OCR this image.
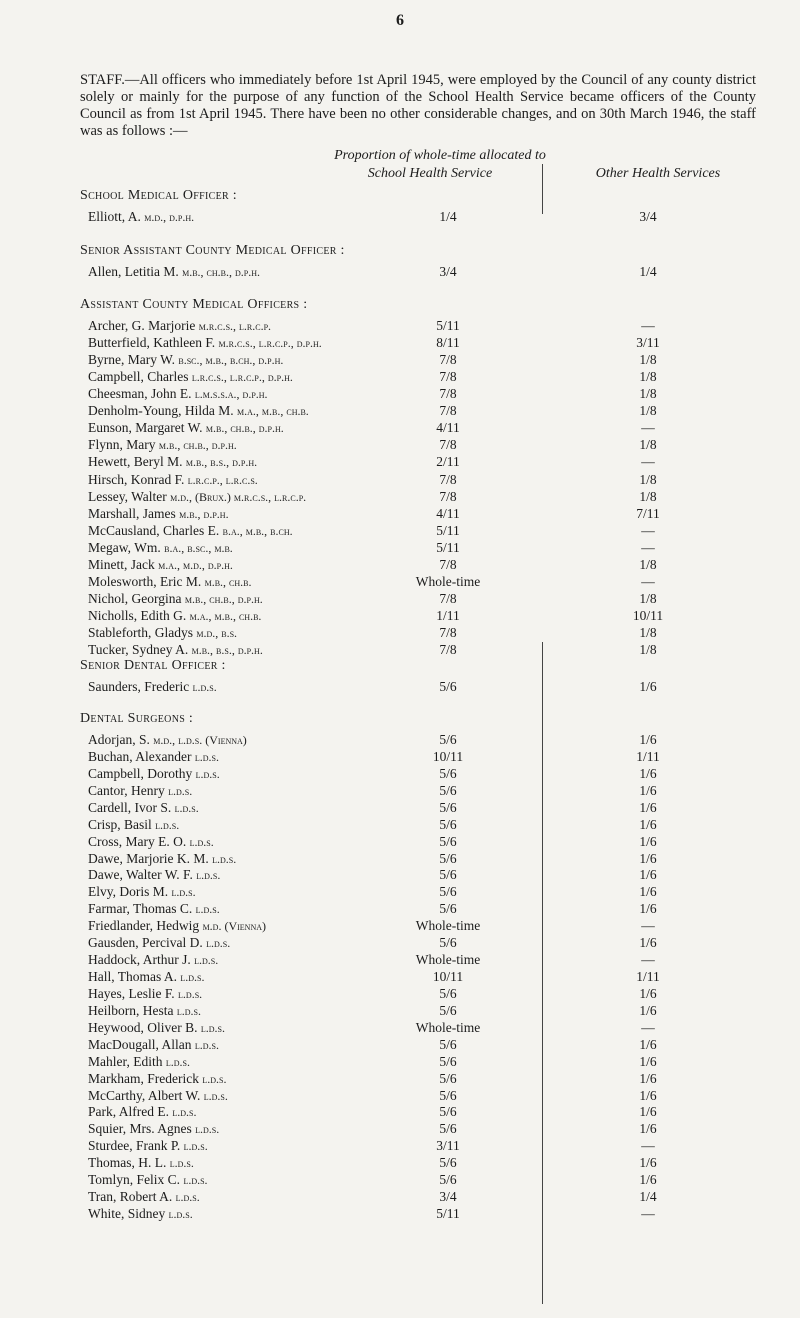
6
STAFF.—All officers who immediately before 1st April 1945, were employed by the Council of any county district solely or mainly for the purpose of any function of the School Health Service became officers of the County Council as from 1st April 1945. There have been no other considerable changes, and on 30th March 1946, the staff was as follows :—
Proportion of whole-time allocated to
School Health Service	Other Health Services
School Medical Officer :
Elliott, A. m.d., d.p.h.	1/4	3/4
Senior Assistant County Medical Officer :
Allen, Letitia M. m.b., ch.b., d.p.h.	3/4	1/4
Assistant County Medical Officers :
Archer, G. Marjorie m.r.c.s., l.r.c.p.	5/11	—
Butterfield, Kathleen F. m.r.c.s., l.r.c.p., d.p.h.	8/11	3/11
Byrne, Mary W. b.sc., m.b., b.ch., d.p.h.	7/8	1/8
Campbell, Charles l.r.c.s., l.r.c.p., d.p.h.	7/8	1/8
Cheesman, John E. l.m.s.s.a., d.p.h.	7/8	1/8
Denholm-Young, Hilda M. m.a., m.b., ch.b.	7/8	1/8
Eunson, Margaret W. m.b., ch.b., d.p.h.	4/11	—
Flynn, Mary m.b., ch.b., d.p.h.	7/8	1/8
Hewett, Beryl M. m.b., b.s., d.p.h.	2/11	—
Hirsch, Konrad F. l.r.c.p., l.r.c.s.	7/8	1/8
Lessey, Walter m.d., (Brux.) m.r.c.s., l.r.c.p.	7/8	1/8
Marshall, James m.b., d.p.h.	4/11	7/11
McCausland, Charles E. b.a., m.b., b.ch.	5/11	—
Megaw, Wm. b.a., b.sc., m.b.	5/11	—
Minett, Jack m.a., m.d., d.p.h.	7/8	1/8
Molesworth, Eric M. m.b., ch.b.	Whole-time	—
Nichol, Georgina m.b., ch.b., d.p.h.	7/8	1/8
Nicholls, Edith G. m.a., m.b., ch.b.	1/11	10/11
Stableforth, Gladys m.d., b.s.	7/8	1/8
Tucker, Sydney A. m.b., b.s., d.p.h.	7/8	1/8
Senior Dental Officer :
Saunders, Frederic l.d.s.	5/6	1/6
Dental Surgeons :
Adorjan, S. m.d., l.d.s. (Vienna)	5/6	1/6
Buchan, Alexander l.d.s.	10/11	1/11
Campbell, Dorothy l.d.s.	5/6	1/6
Cantor, Henry l.d.s.	5/6	1/6
Cardell, Ivor S. l.d.s.	5/6	1/6
Crisp, Basil l.d.s.	5/6	1/6
Cross, Mary E. O. l.d.s.	5/6	1/6
Dawe, Marjorie K. M. l.d.s.	5/6	1/6
Dawe, Walter W. F. l.d.s.	5/6	1/6
Elvy, Doris M. l.d.s.	5/6	1/6
Farmar, Thomas C. l.d.s.	5/6	1/6
Friedlander, Hedwig m.d. (Vienna)	Whole-time	—
Gausden, Percival D. l.d.s.	5/6	1/6
Haddock, Arthur J. l.d.s.	Whole-time	—
Hall, Thomas A. l.d.s.	10/11	1/11
Hayes, Leslie F. l.d.s.	5/6	1/6
Heilborn, Hesta l.d.s.	5/6	1/6
Heywood, Oliver B. l.d.s.	Whole-time	—
MacDougall, Allan l.d.s.	5/6	1/6
Mahler, Edith l.d.s.	5/6	1/6
Markham, Frederick l.d.s.	5/6	1/6
McCarthy, Albert W. l.d.s.	5/6	1/6
Park, Alfred E. l.d.s.	5/6	1/6
Squier, Mrs. Agnes l.d.s.	5/6	1/6
Sturdee, Frank P. l.d.s.	3/11	—
Thomas, H. L. l.d.s.	5/6	1/6
Tomlyn, Felix C. l.d.s.	5/6	1/6
Tran, Robert A. l.d.s.	3/4	1/4
White, Sidney l.d.s.	5/11	—
